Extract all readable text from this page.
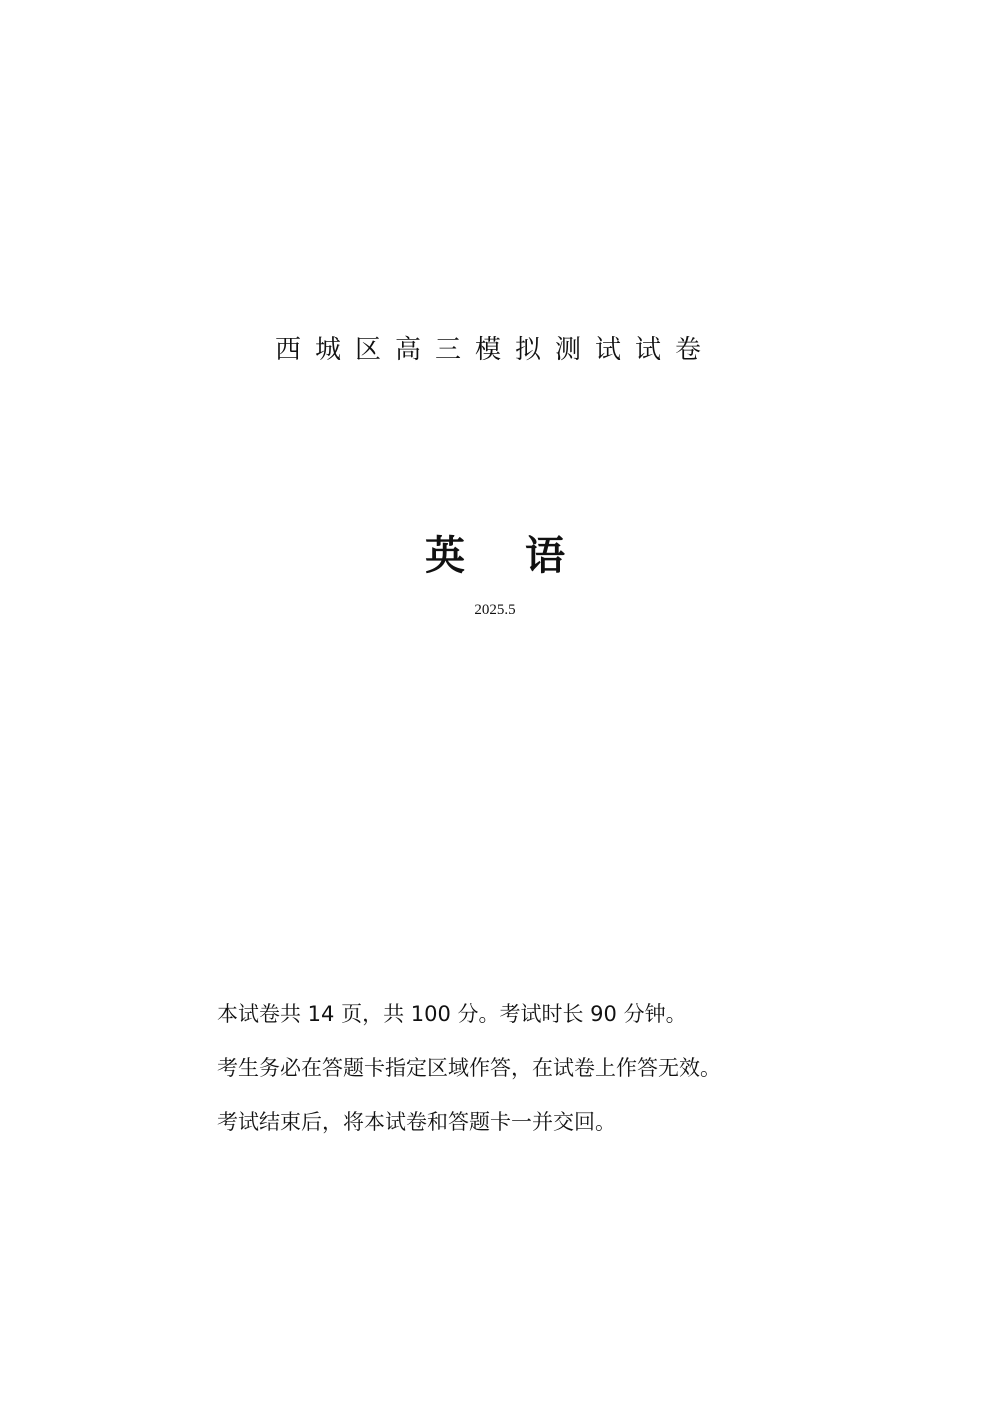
西城区高三模拟测试试卷
英 语
2025.5
本试卷共 14 页，共 100 分。考试时长 90 分钟。
考生务必在答题卡指定区域作答，在试卷上作答无效。
考试结束后，将本试卷和答题卡一并交回。
